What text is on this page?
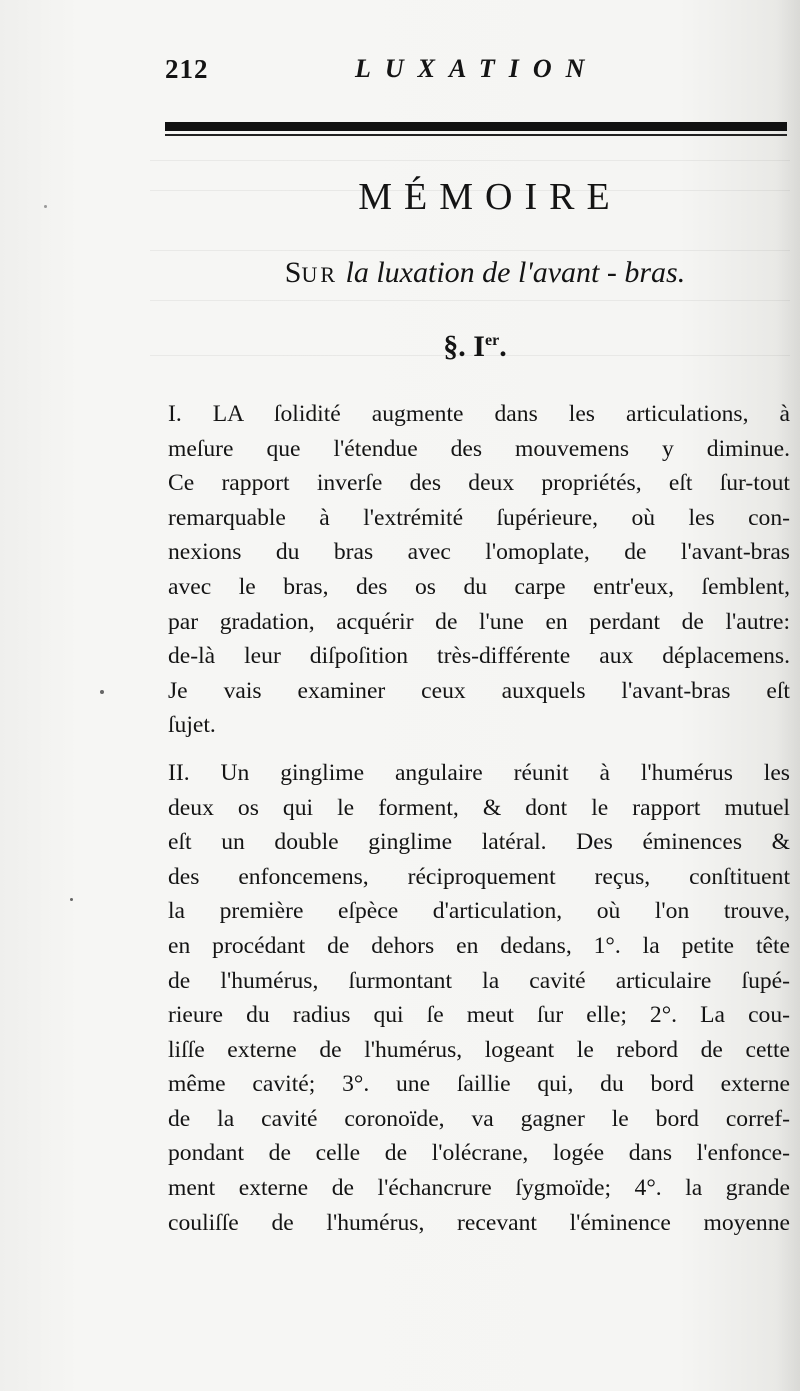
212	LUXATION
MÉMOIRE
SUR la luxation de l'avant - bras.
§. Ier.
I. LA ſolidité augmente dans les articulations, à
meſure que l'étendue des mouvemens y diminue.
Ce rapport inverſe des deux propriétés, eſt ſur-tout
remarquable à l'extrémité ſupérieure, où les con-
nexions du bras avec l'omoplate, de l'avant-bras
avec le bras, des os du carpe entr'eux, ſemblent,
par gradation, acquérir de l'une en perdant de l'autre:
de-là leur diſpoſition très-différente aux déplacemens.
Je vais examiner ceux auxquels l'avant-bras eſt
ſujet.
II. Un ginglime angulaire réunit à l'humérus les
deux os qui le forment, & dont le rapport mutuel
eſt un double ginglime latéral. Des éminences &
des enfoncemens, réciproquement reçus, conſtituent
la première eſpèce d'articulation, où l'on trouve,
en procédant de dehors en dedans, 1°. la petite tête
de l'humérus, ſurmontant la cavité articulaire ſupé-
rieure du radius qui ſe meut ſur elle; 2°. La cou-
liſſe externe de l'humérus, logeant le rebord de cette
même cavité; 3°. une ſaillie qui, du bord externe
de la cavité coronoïde, va gagner le bord corref-
pondant de celle de l'olécrane, logée dans l'enfonce-
ment externe de l'échancrure ſygmoïde; 4°. la grande
couliſſe de l'humérus, recevant l'éminence moyenne
